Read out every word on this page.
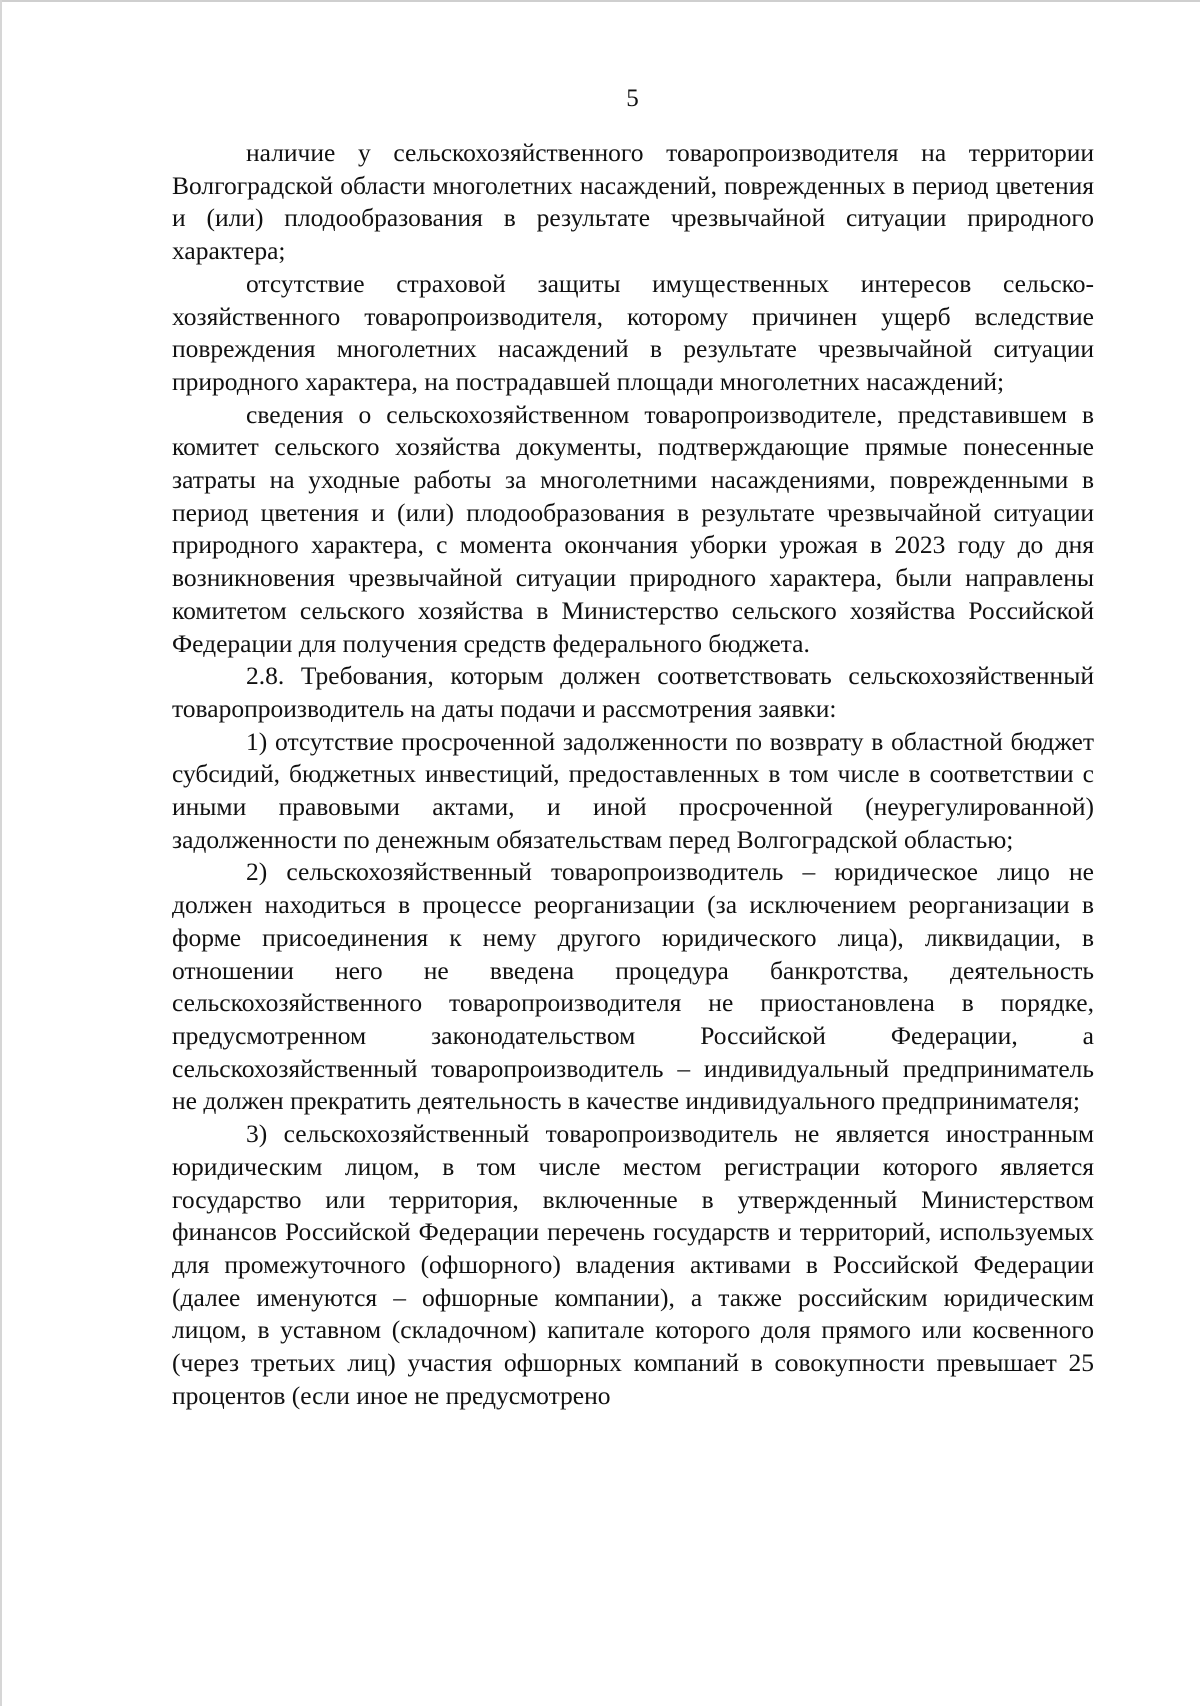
5

наличие у сельскохозяйственного товаропроизводителя на территории Волгоградской области многолетних насаждений, поврежденных в период цветения и (или) плодообразования в результате чрезвычайной ситуации природного характера;

отсутствие страховой защиты имущественных интересов сельскохозяйственного товаропроизводителя, которому причинен ущерб вследствие повреждения многолетних насаждений в результате чрезвычайной ситуации природного характера, на пострадавшей площади многолетних насаждений;

сведения о сельскохозяйственном товаропроизводителе, представившем в комитет сельского хозяйства документы, подтверждающие прямые понесенные затраты на уходные работы за многолетними насаждениями, поврежденными в период цветения и (или) плодообразования в результате чрезвычайной ситуации природного характера, с момента окончания уборки урожая в 2023 году до дня возникновения чрезвычайной ситуации природного характера, были направлены комитетом сельского хозяйства в Министерство сельского хозяйства Российской Федерации для получения средств федерального бюджета.

2.8. Требования, которым должен соответствовать сельскохозяйственный товаропроизводитель на даты подачи и рассмотрения заявки:

1) отсутствие просроченной задолженности по возврату в областной бюджет субсидий, бюджетных инвестиций, предоставленных в том числе в соответствии с иными правовыми актами, и иной просроченной (неурегулированной) задолженности по денежным обязательствам перед Волгоградской областью;

2) сельскохозяйственный товаропроизводитель – юридическое лицо не должен находиться в процессе реорганизации (за исключением реорганизации в форме присоединения к нему другого юридического лица), ликвидации, в отношении него не введена процедура банкротства, деятельность сельскохозяйственного товаропроизводителя не приостановлена в порядке, предусмотренном законодательством Российской Федерации, а сельскохозяйственный товаропроизводитель – индивидуальный предприниматель не должен прекратить деятельность в качестве индивидуального предпринимателя;

3) сельскохозяйственный товаропроизводитель не является иностранным юридическим лицом, в том числе местом регистрации которого является государство или территория, включенные в утвержденный Министерством финансов Российской Федерации перечень государств и территорий, используемых для промежуточного (офшорного) владения активами в Российской Федерации (далее именуются – офшорные компании), а также российским юридическим лицом, в уставном (складочном) капитале которого доля прямого или косвенного (через третьих лиц) участия офшорных компаний в совокупности превышает 25 процентов (если иное не предусмотрено
